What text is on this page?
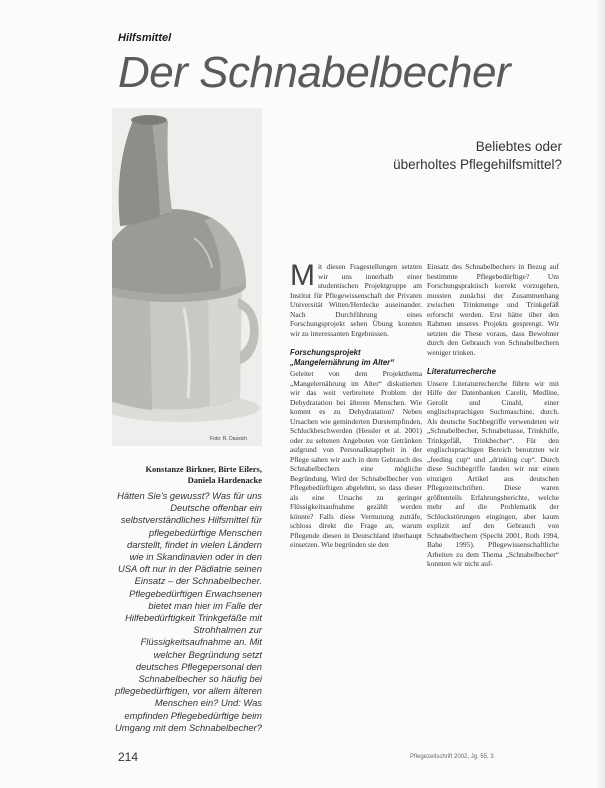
Hilfsmittel
Der Schnabelbecher
Foto: R. Dassich
Beliebtes oder
überholtes Pflegehilfsmittel?
Konstanze Birkner, Birte Eilers,
Daniela Hardenacke
Hätten Sie's gewusst? Was für uns Deutsche offenbar ein selbstverständliches Hilfsmittel für pflegebedürftige Menschen darstellt, findet in vielen Ländern wie in Skandinavien oder in den USA oft nur in der Pädiatrie seinen Einsatz – der Schnabelbecher. Pflegebedürftigen Erwachsenen bietet man hier im Falle der Hilfebedürftigkeit Trinkgefäße mit Strohhalmen zur Flüssigkeitsaufnahme an. Mit welcher Begründung setzt deutsches Pflegepersonal den Schnabelbecher so häufig bei pflegebedürftigen, vor allem älteren Menschen ein? Und: Was empfinden Pflegebedürftige beim Umgang mit dem Schnabelbecher?

Mit diesen Fragestellungen setzten wir uns innerhalb einer studentischen Projektgruppe am Institut für Pflegewissenschaft der Privaten Universität Witten/Herdecke auseinander. Nach Durchführung eines Forschungsprojekt sehen Übung konnten wir zu interessanten Ergebnissen.

Forschungsprojekt „Mangelernährung im Alter“

Geleitet von dem Projektthema „Mangelernährung im Alter“ diskutierten wir das weit verbreitete Problem der Dehydratation bei älteren Menschen. Wie kommt es zu Dehydratation? Neben Ursachen wie geminderten Durstempfinden, Schluckbeschwerden (Hessler et al. 2001) oder zu seltenen Angeboten von Getränken aufgrund von Personalknappheit in der Pflege sahen wir auch in dem Gebrauch des Schnabelbechers eine mögliche Begründung. Wird der Schnabelbecher von Pflegebedürftigen abgelehnt, so dass dieser als eine Ursache zu geringer Flüssigkeitsaufnahme gezählt werden könnte? Falls diese Vermutung zuträfe, schloss direkt die Frage an, warum Pflegende diesen in Deutschland überhaupt einsetzen. Wie begründen sie den

Einsatz des Schnabelbechers in Bezug auf bestimmte Pflegebedürftige? Um Forschungspraktisch korrekt vorzugehen, mussten zunächst der Zusammenhang zwischen Trinkmenge und Trinkgefäß erforscht werden. Erst hätte über den Rahmen unseres Projekts gesprengt. Wir setzten die These voraus, dass Bewohner durch den Gebrauch von Schnabelbechern weniger trinken.

Literaturrecherche

Unsere Literaturrecherche führte wir mit Hilfe der Datenbanken Carelit, Medline, Gerolit und Cinahl, einer englischsprachigen Suchmaschine, durch. Als deutsche Suchbegriffe verwendeten wir „Schnabelbecher, Schnabeltasse, Trinkhilfe, Trinkgefäß, Trinkbecher“. Für den englischsprachigen Bereich benutzten wir „feeding cup“ und „drinking cup“. Durch diese Suchbegriffe fanden wir nur einen einzigen Artikel aus deutschen Pflegezeitschriften. Diese waren größtenteils Erfahrungsberichte, welche mehr auf die Problematik der Schluckstörungen eingingen, aber kaum explizit auf den Gebrauch von Schnabelbechern (Specht 2001, Roth 1994, Bahe 1995). Pflegewissenschaftliche Arbeiten zu dem Thema „Schnabelbecher“ konnten wir nicht auf-

214	Pflegezeitschrift 2002, Jg. 55, 3
